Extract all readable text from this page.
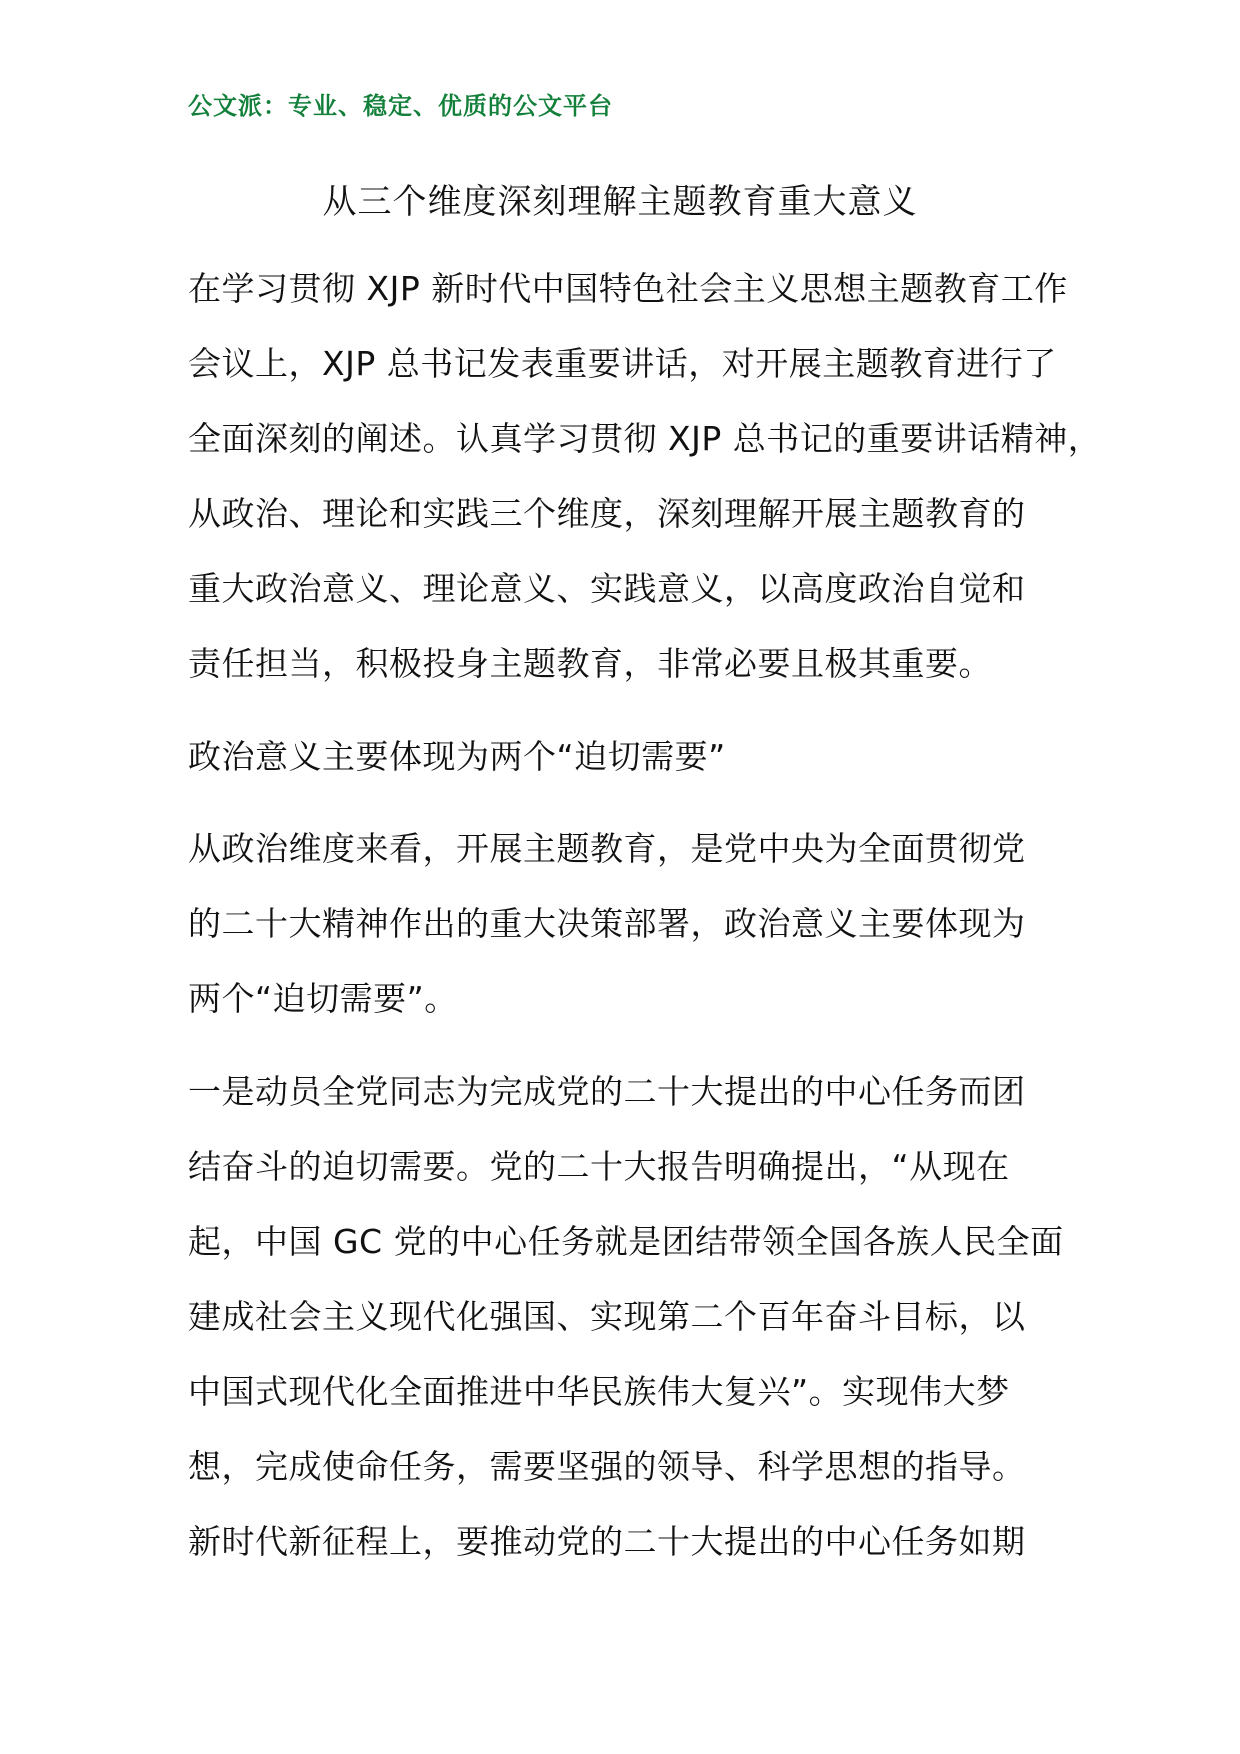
公文派：专业、稳定、优质的公文平台
从三个维度深刻理解主题教育重大意义
在学习贯彻 XJP 新时代中国特色社会主义思想主题教育工作
会议上，XJP 总书记发表重要讲话，对开展主题教育进行了
全面深刻的阐述。认真学习贯彻 XJP 总书记的重要讲话精神，
从政治、理论和实践三个维度，深刻理解开展主题教育的
重大政治意义、理论意义、实践意义，以高度政治自觉和
责任担当，积极投身主题教育，非常必要且极其重要。
政治意义主要体现为两个“迫切需要”
从政治维度来看，开展主题教育，是党中央为全面贯彻党
的二十大精神作出的重大决策部署，政治意义主要体现为
两个“迫切需要”。
一是动员全党同志为完成党的二十大提出的中心任务而团
结奋斗的迫切需要。党的二十大报告明确提出，“从现在
起，中国 GC 党的中心任务就是团结带领全国各族人民全面
建成社会主义现代化强国、实现第二个百年奋斗目标，以
中国式现代化全面推进中华民族伟大复兴”。实现伟大梦
想，完成使命任务，需要坚强的领导、科学思想的指导。
新时代新征程上，要推动党的二十大提出的中心任务如期
